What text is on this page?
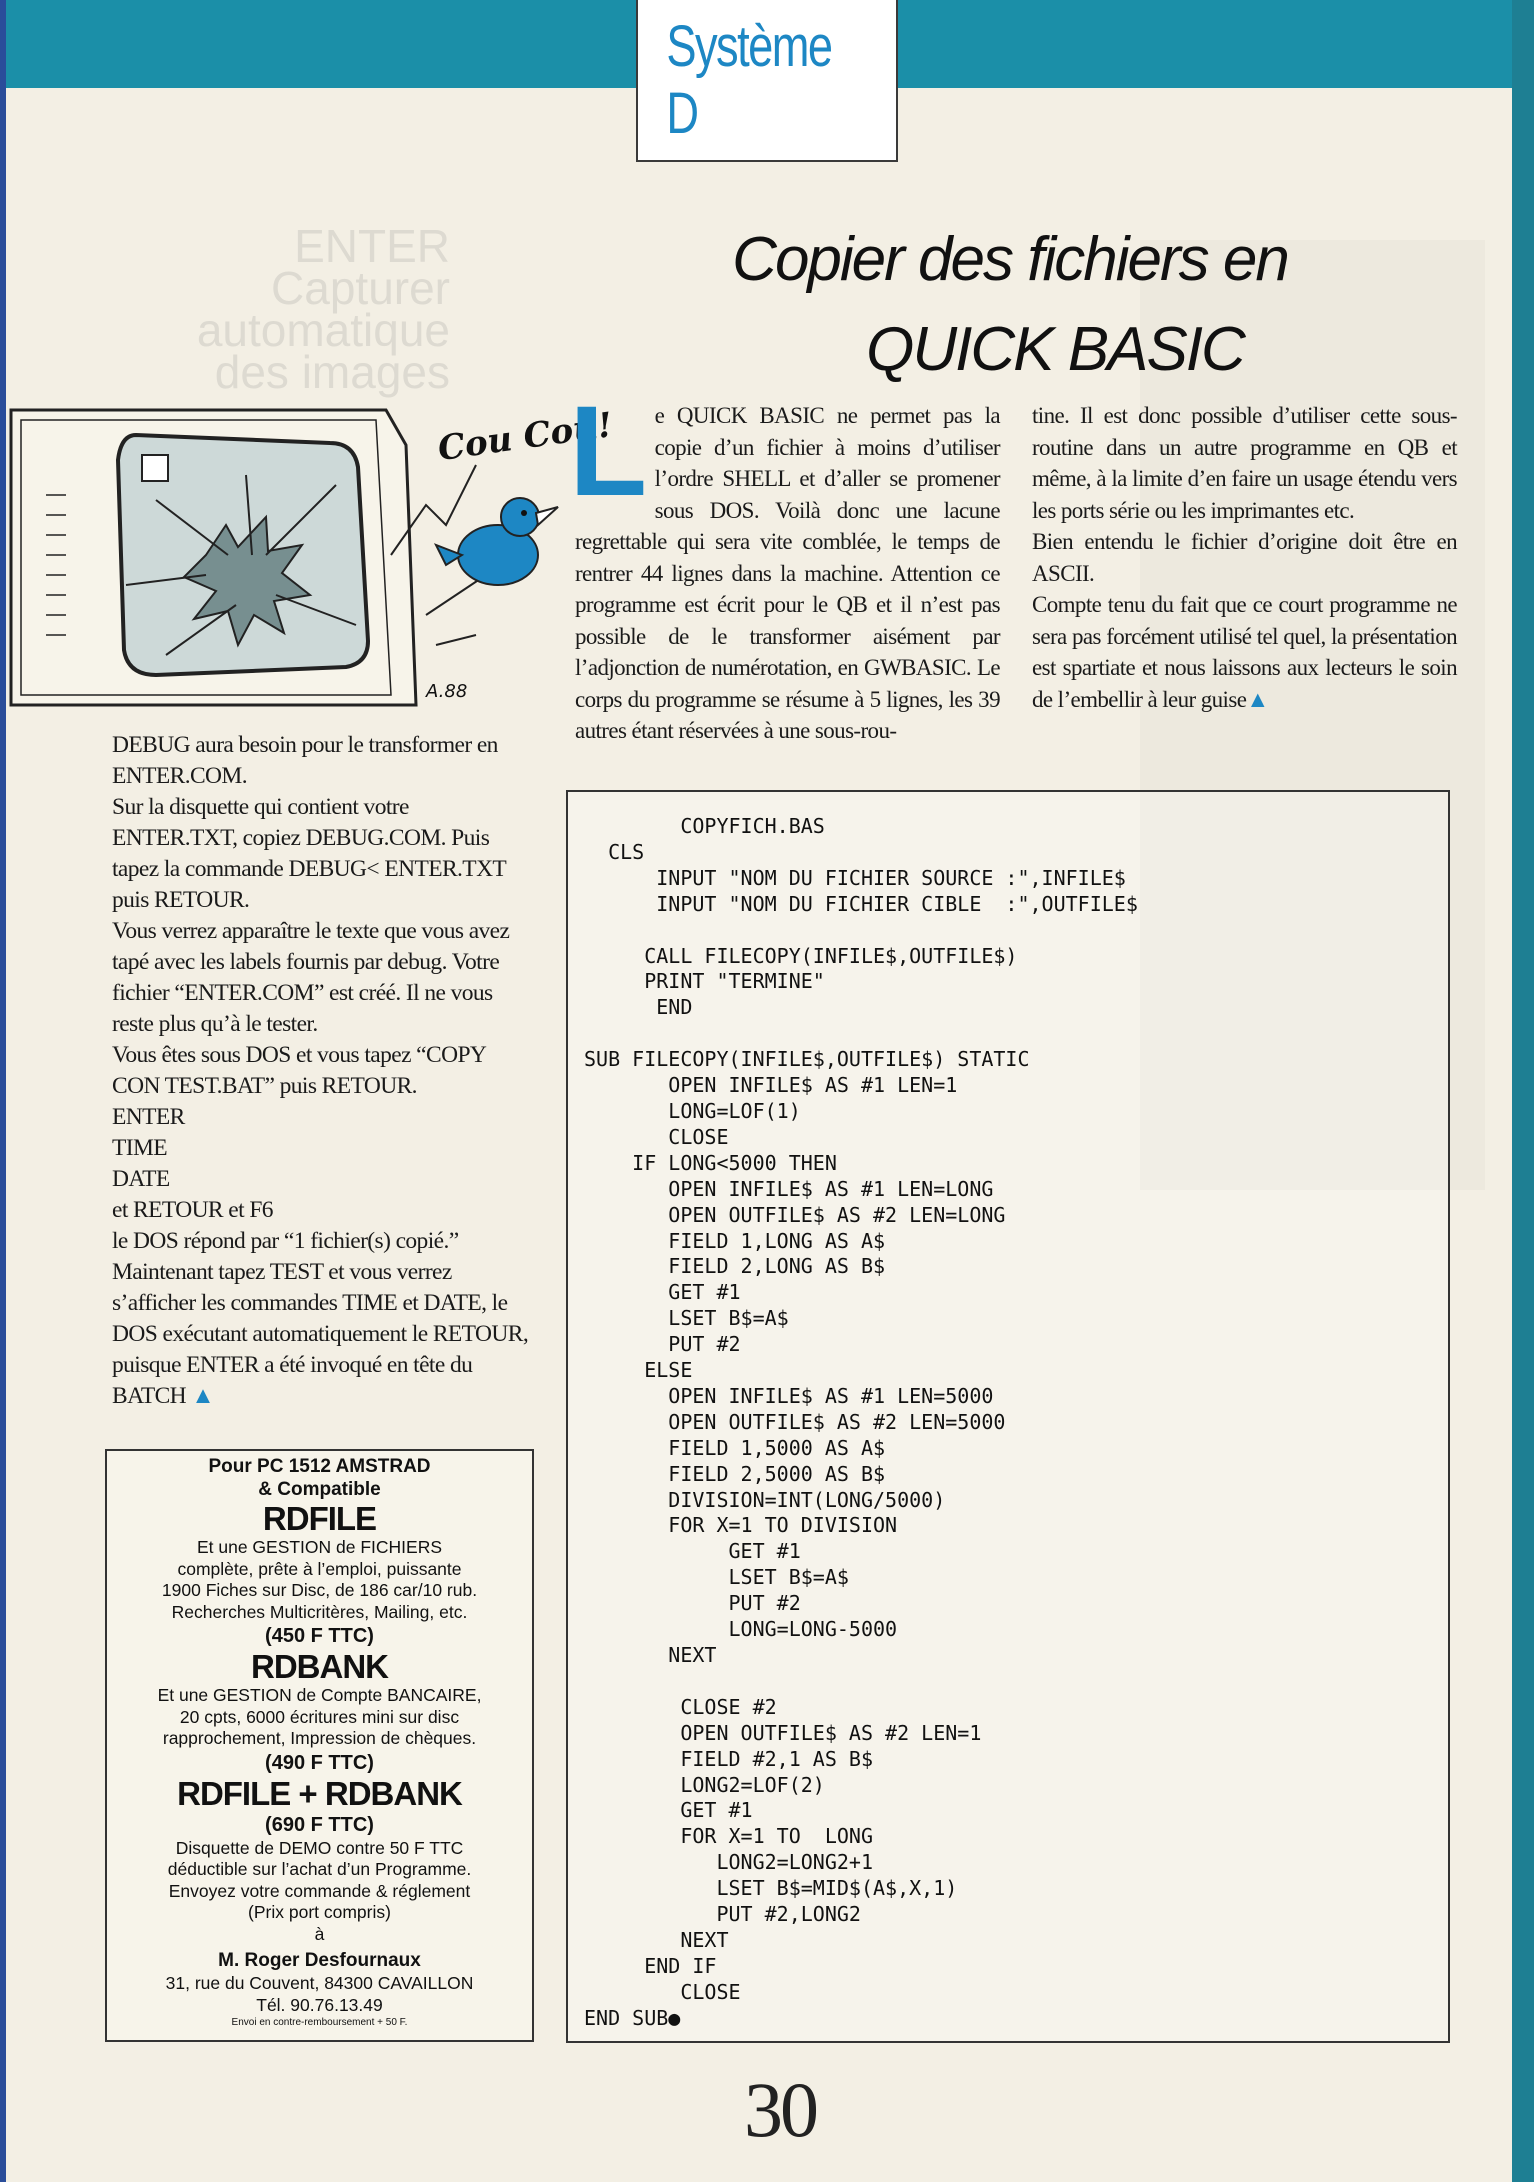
Système D
ENTER
Capturer
automatique
des images
Copier des fichiers en
QUICK BASIC
Cou Cou!
A.88

DEBUG aura besoin pour le transformer en ENTER.COM.

Sur la disquette qui contient votre ENTER.TXT, copiez DEBUG.COM. Puis tapez la commande DEBUG< ENTER.TXT puis RETOUR.

Vous verrez apparaître le texte que vous avez tapé avec les labels fournis par debug. Votre fichier “ENTER.COM” est créé. Il ne vous reste plus qu’à le tester.

Vous êtes sous DOS et vous tapez “COPY CON TEST.BAT” puis RETOUR.

ENTER

TIME

DATE

et RETOUR et F6

le DOS répond par “1 fichier(s) copié.”

Maintenant tapez TEST et vous verrez s’afficher les commandes TIME et DATE, le DOS exécutant automatiquement le RETOUR, puisque ENTER a été invoqué en tête du BATCH ▲

Le QUICK BASIC ne permet pas la copie d’un fichier à moins d’utiliser l’ordre SHELL et d’aller se promener sous DOS. Voilà donc une lacune regrettable qui sera vite comblée, le temps de rentrer 44 lignes dans la machine. Attention ce programme est écrit pour le QB et il n’est pas possible de le transformer aisément par l’adjonction de numérotation, en GWBASIC. Le corps du programme se résume à 5 lignes, les 39 autres étant réservées à une sous-rou-

tine. Il est donc possible d’utiliser cette sous-routine dans un autre programme en QB et même, à la limite d’en faire un usage étendu vers les ports série ou les imprimantes etc.

Bien entendu le fichier d’origine doit être en ASCII.

Compte tenu du fait que ce court programme ne sera pas forcément utilisé tel quel, la présentation est spartiate et nous laissons aux lecteurs le soin de l’embellir à leur guise▲

COPYFICH.BAS
CLS
INPUT "NOM DU FICHIER SOURCE :",INFILE$
INPUT "NOM DU FICHIER CIBLE  :",OUTFILE$

CALL FILECOPY(INFILE$,OUTFILE$)
PRINT "TERMINE"
END

SUB FILECOPY(INFILE$,OUTFILE$) STATIC
OPEN INFILE$ AS #1 LEN=1
LONG=LOF(1)
CLOSE
IF LONG<5000 THEN
OPEN INFILE$ AS #1 LEN=LONG
OPEN OUTFILE$ AS #2 LEN=LONG
FIELD 1,LONG AS A$
FIELD 2,LONG AS B$
GET #1
LSET B$=A$
PUT #2
ELSE
OPEN INFILE$ AS #1 LEN=5000
OPEN OUTFILE$ AS #2 LEN=5000
FIELD 1,5000 AS A$
FIELD 2,5000 AS B$
DIVISION=INT(LONG/5000)
FOR X=1 TO DIVISION
GET #1
LSET B$=A$
PUT #2
LONG=LONG-5000
NEXT

CLOSE #2
OPEN OUTFILE$ AS #2 LEN=1
FIELD #2,1 AS B$
LONG2=LOF(2)
GET #1
FOR X=1 TO  LONG
LONG2=LONG2+1
LSET B$=MID$(A$,X,1)
PUT #2,LONG2
NEXT
END IF
CLOSE
END SUB●
Pour PC 1512 AMSTRAD
& Compatible
RDFILE
Et une GESTION de FICHIERS
complète, prête à l’emploi, puissante
1900 Fiches sur Disc, de 186 car/10 rub.
Recherches Multicritères, Mailing, etc.
(450 F TTC)
RDBANK
Et une GESTION de Compte BANCAIRE,
20 cpts, 6000 écritures mini sur disc
rapprochement, Impression de chèques.
(490 F TTC)
RDFILE + RDBANK
(690 F TTC)
Disquette de DEMO contre 50 F TTC
déductible sur l’achat d’un Programme.
Envoyez votre commande & réglement
(Prix port compris)
à
M. Roger Desfournaux
31, rue du Couvent, 84300 CAVAILLON
Tél. 90.76.13.49
Envoi en contre-remboursement + 50 F.
30
